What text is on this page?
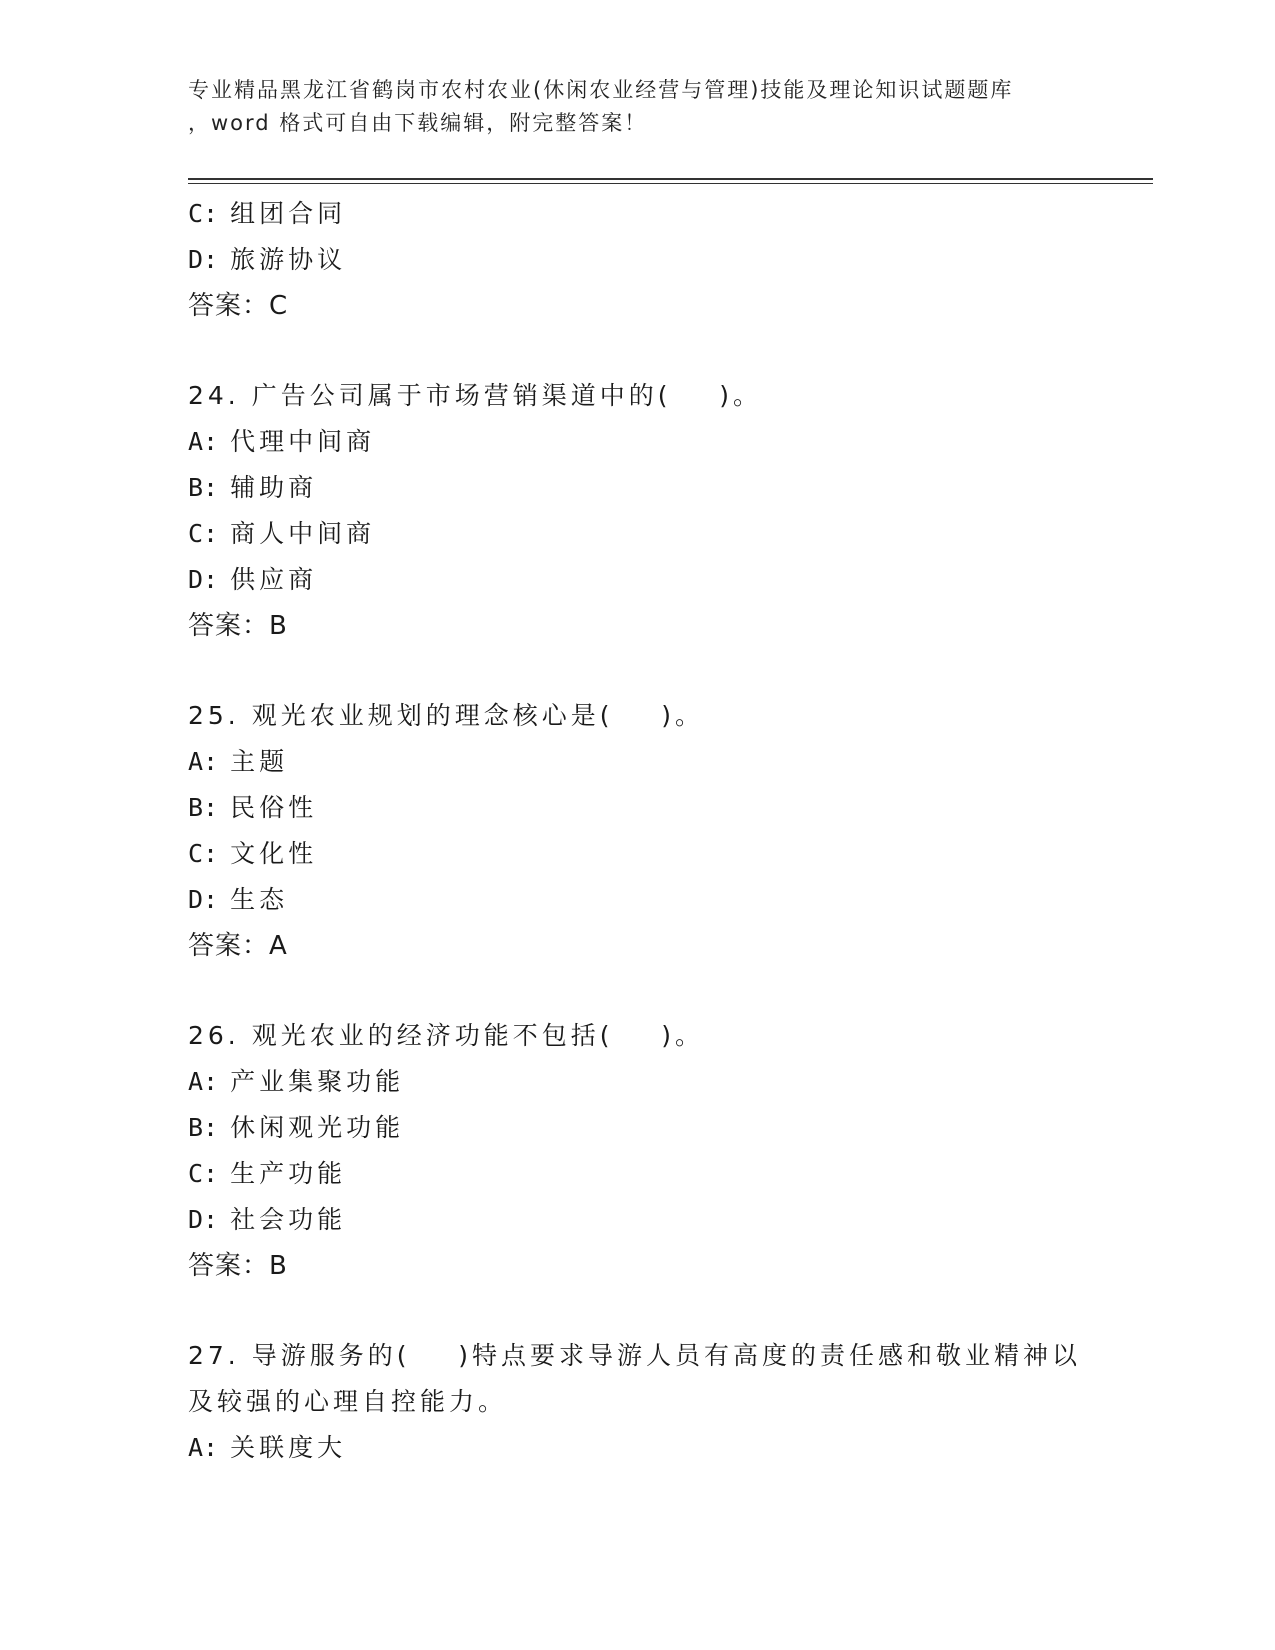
专业精品黑龙江省鹤岗市农村农业(休闲农业经营与管理)技能及理论知识试题题库
，word 格式可自由下载编辑，附完整答案！
C: 组团合同
D: 旅游协议
答案：C
24. 广告公司属于市场营销渠道中的(    )。
A: 代理中间商
B: 辅助商
C: 商人中间商
D: 供应商
答案：B
25. 观光农业规划的理念核心是(    )。
A: 主题
B: 民俗性
C: 文化性
D: 生态
答案：A
26. 观光农业的经济功能不包括(    )。
A: 产业集聚功能
B: 休闲观光功能
C: 生产功能
D: 社会功能
答案：B
27. 导游服务的(    )特点要求导游人员有高度的责任感和敬业精神以
及较强的心理自控能力。
A: 关联度大
